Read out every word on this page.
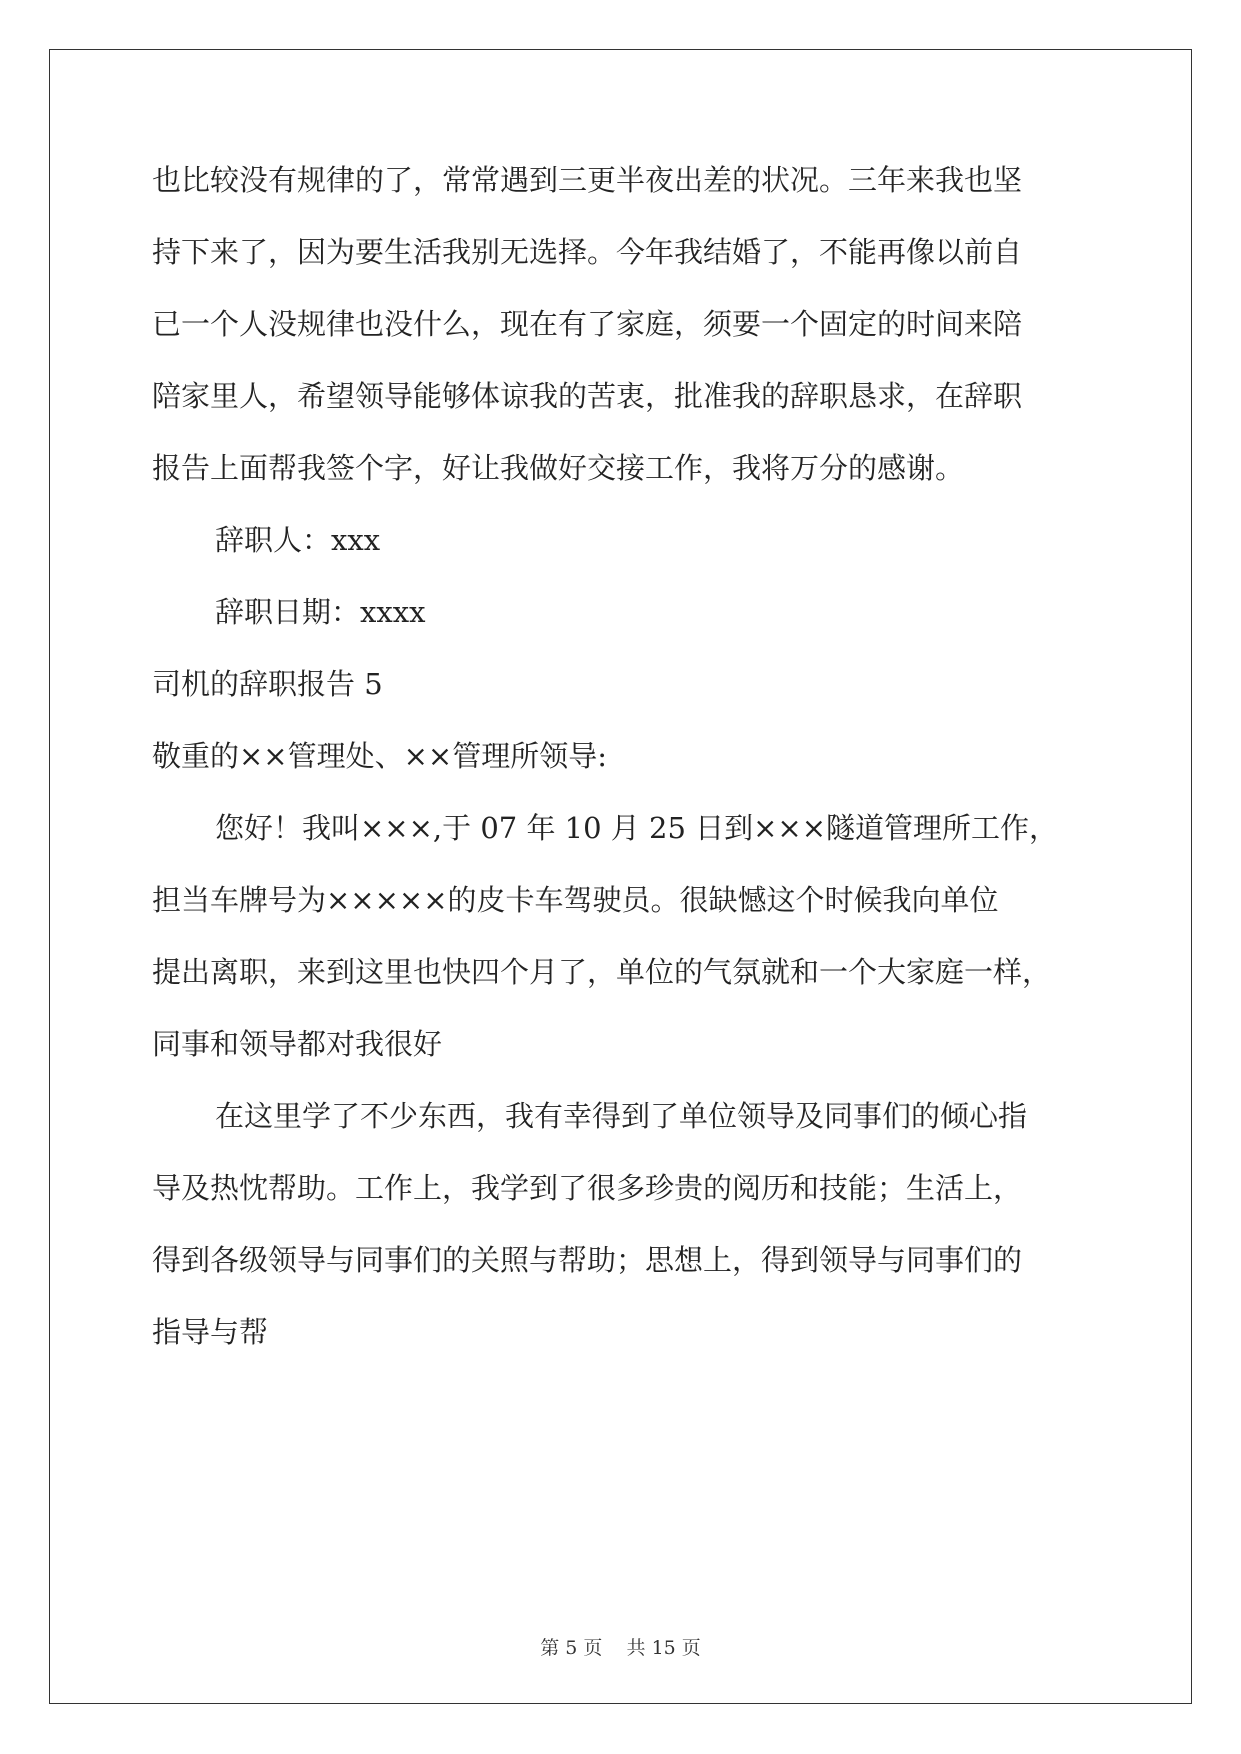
也比较没有规律的了，常常遇到三更半夜出差的状况。三年来我也坚
持下来了，因为要生活我别无选择。今年我结婚了，不能再像以前自
已一个人没规律也没什么，现在有了家庭，须要一个固定的时间来陪
陪家里人，希望领导能够体谅我的苦衷，批准我的辞职恳求，在辞职
报告上面帮我签个字，好让我做好交接工作，我将万分的感谢。
辞职人：xxx
辞职日期：xxxx
司机的辞职报告 5
敬重的××管理处、××管理所领导:
您好！我叫×××,于 07 年 10 月 25 日到×××隧道管理所工作，
担当车牌号为×××××的皮卡车驾驶员。很缺憾这个时候我向单位
提出离职，来到这里也快四个月了，单位的气氛就和一个大家庭一样，
同事和领导都对我很好
在这里学了不少东西，我有幸得到了单位领导及同事们的倾心指
导及热忱帮助。工作上，我学到了很多珍贵的阅历和技能；生活上，
得到各级领导与同事们的关照与帮助；思想上，得到领导与同事们的
指导与帮
第 5 页    共 15 页
